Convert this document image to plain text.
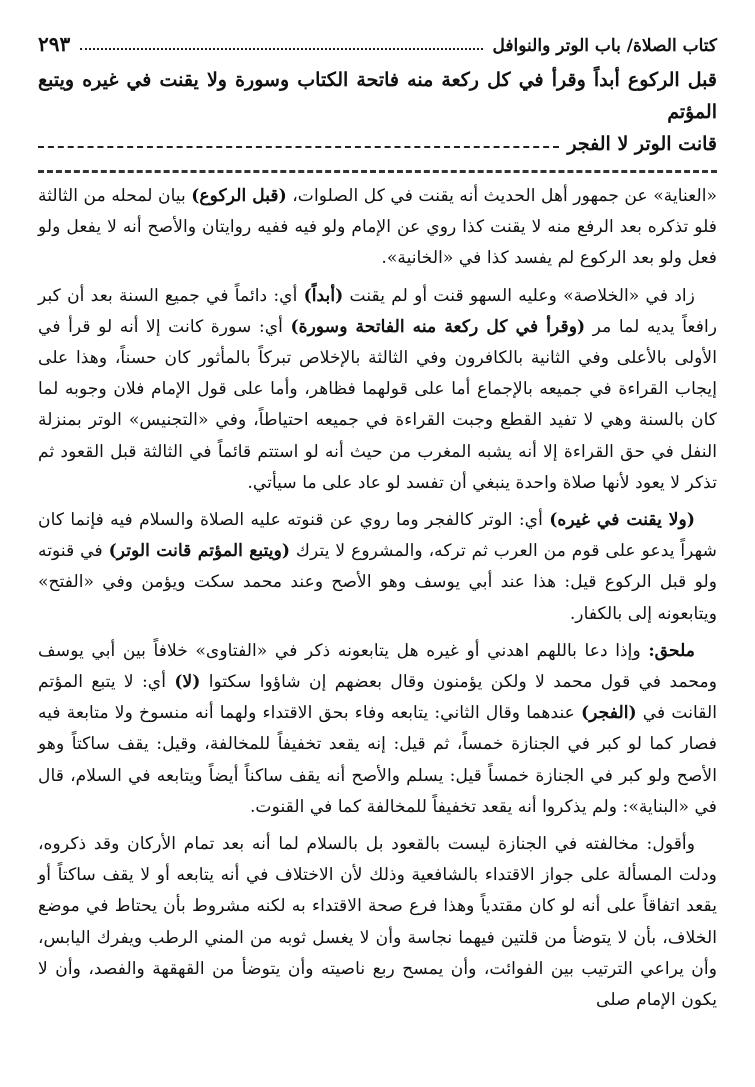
كتاب الصلاة/ باب الوتر والنوافل
٢٩٣
قبل الركوع أبداً وقرأ في كل ركعة منه فاتحة الكتاب وسورة ولا يقنت في غيره ويتبع المؤتم
قانت الوتر لا الفجر

«العناية» عن جمهور أهل الحديث أنه يقنت في كل الصلوات، (قبل الركوع) بيان لمحله من الثالثة فلو تذكره بعد الرفع منه لا يقنت كذا روي عن الإمام ولو فيه ففيه روايتان والأصح أنه لا يفعل ولو فعل ولو بعد الركوع لم يفسد كذا في «الخانية».

زاد في «الخلاصة» وعليه السهو قنت أو لم يقنت (أبداً) أي: دائماً في جميع السنة بعد أن كبر رافعاً يديه لما مر (وقرأ في كل ركعة منه الفاتحة وسورة) أي: سورة كانت إلا أنه لو قرأ في الأولى بالأعلى وفي الثانية بالكافرون وفي الثالثة بالإخلاص تبركاً بالمأثور كان حسناً، وهذا على إيجاب القراءة في جميعه بالإجماع أما على قولهما فظاهر، وأما على قول الإمام فلان وجوبه لما كان بالسنة وهي لا تفيد القطع وجبت القراءة في جميعه احتياطاً، وفي «التجنيس» الوتر بمنزلة النفل في حق القراءة إلا أنه يشبه المغرب من حيث أنه لو استتم قائماً في الثالثة قبل القعود ثم تذكر لا يعود لأنها صلاة واحدة ينبغي أن تفسد لو عاد على ما سيأتي.

(ولا يقنت في غيره) أي: الوتر كالفجر وما روي عن قنوته عليه الصلاة والسلام فيه فإنما كان شهراً يدعو على قوم من العرب ثم تركه، والمشروع لا يترك (ويتبع المؤتم قانت الوتر) في قنوته ولو قبل الركوع قيل: هذا عند أبي يوسف وهو الأصح وعند محمد سكت ويؤمن وفي «الفتح» ويتابعونه إلى بالكفار.

ملحق: وإذا دعا باللهم اهدني أو غيره هل يتابعونه ذكر في «الفتاوى» خلافاً بين أبي يوسف ومحمد في قول محمد لا ولكن يؤمنون وقال بعضهم إن شاؤوا سكتوا (لا) أي: لا يتبع المؤتم القانت في (الفجر) عندهما وقال الثاني: يتابعه وفاء بحق الاقتداء ولهما أنه منسوخ ولا متابعة فيه فصار كما لو كبر في الجنازة خمساً، ثم قيل: إنه يقعد تخفيفاً للمخالفة، وقيل: يقف ساكتاً وهو الأصح ولو كبر في الجنازة خمساً قيل: يسلم والأصح أنه يقف ساكناً أيضاً ويتابعه في السلام، قال في «البناية»: ولم يذكروا أنه يقعد تخفيفاً للمخالفة كما في القنوت.

وأقول: مخالفته في الجنازة ليست بالقعود بل بالسلام لما أنه بعد تمام الأركان وقد ذكروه، ودلت المسألة على جواز الاقتداء بالشافعية وذلك لأن الاختلاف في أنه يتابعه أو لا يقف ساكتاً أو يقعد اتفاقاً على أنه لو كان مقتدياً وهذا فرع صحة الاقتداء به لكنه مشروط بأن يحتاط في موضع الخلاف، بأن لا يتوضأ من قلتين فيهما نجاسة وأن لا يغسل ثوبه من المني الرطب ويفرك اليابس، وأن يراعي الترتيب بين الفوائت، وأن يمسح ربع ناصيته وأن يتوضأ من القهقهة والفصد، وأن لا يكون الإمام صلى
